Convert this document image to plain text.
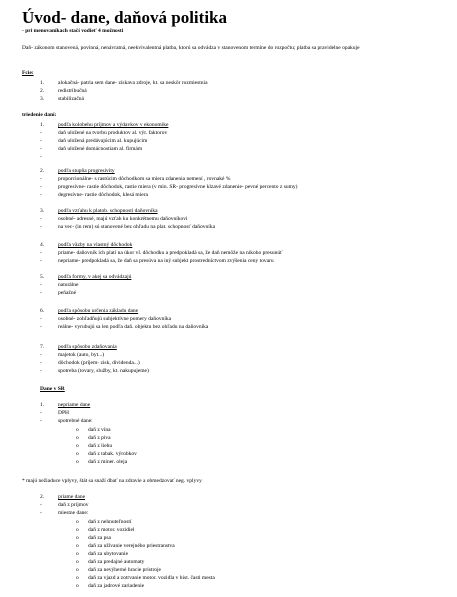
Úvod- dane, daňová politika
- pri menovaníkach stačí vodieť 4 možnosti
Daň- zákonom stanovená, povinná, nenávratná, neekvivalentná platba, ktorú sa odvádza v stanovenom termíne do rozpočtu; platba sa pravidelne opakuje
Fcie:
1.	alokačná- patria sem dane- získava zdroje, kt. sa neskôr rozmiestnia
2.	redistribučná
3.	stabilizačná
triedenie daní:
1.	podľa kolobehu príjmov a výdavkov v ekonomike
-	daň uložené na tvorbu produktov al. výr. faktorov
-	daň uložená predávajúcim al. kupujúcim
-	daň uložené domácnostiam al. firmám
-
2.	podľa stupňa progresivity
-	proporcionálne- s rastúcim dôchodkom sa miera zdanenia nemení , rovnaké %
-	progresívne- rastie dôchodok, rastie miera (v min. SR- progresívne klzavé zdanenie- pevné percento z sumy)
-	degresívne- rastie dôchodok, klesá miera
3.	podľa vzťahu k platob. schopnosti daňovníka
-	osobné- adresné, majú vzťah ku konkrétnemu daňovníkovi
-	na vec- (in rem) sú stanovené bez ohľadu na plat. schopnosť daňovníka
4.	podľa väzby na vlastný dôchodok
-	priame- daňovník ich platí na úkor vl. dôchodku a predpokladá sa, že daň nemôže na nikoho presunúť
-	nepriame- predpokladá sa, že daň sa presúva na iný subjekt prostredníctvom zvýšenia ceny tovaru
5.	podľa formy, v akej sa odvádzajú
-	naturálne
-	peňažné
6.	podľa spôsobu určenia základu dane
-	osobné- zohľadňujú subjektívne pomery daňovníka
-	reálne- vyrubujú sa len podľa daň. objektu bez ohľadu na daňovníka
7.	podľa spôsobu zdaňovania
-	majetok (auto, byt...)
-	dôchodok (príjem- zisk, dividenda...)
-	spotreba (tovary, služby, kt. nakupujeme)
Dane v SR
1.	nepriame dane
-	DPH
-	spotrebné dane:
o daň z vína
o daň z piva
o daň z liehu
o daň z tabak. výrobkov
o daň z miner. oleja
* majú nežiaduce vplyvy, štát sa snaží dbať na zdravie a obmedzovať neg. vplyvy
2.	priame dane
-	daň z príjmov
-	miestne dane:
o daň z nehnuteľností
o daň z motor. vozidiel
o daň za psa
o daň za užívanie verejného priestranstva
o daň za ubytovanie
o daň za predajné automaty
o daň za nevýherné hracie prístroje
o daň za vjazd a zotrvanie motor. vozidla v hist. časti mesta
o daň za jadrové zariadenie
